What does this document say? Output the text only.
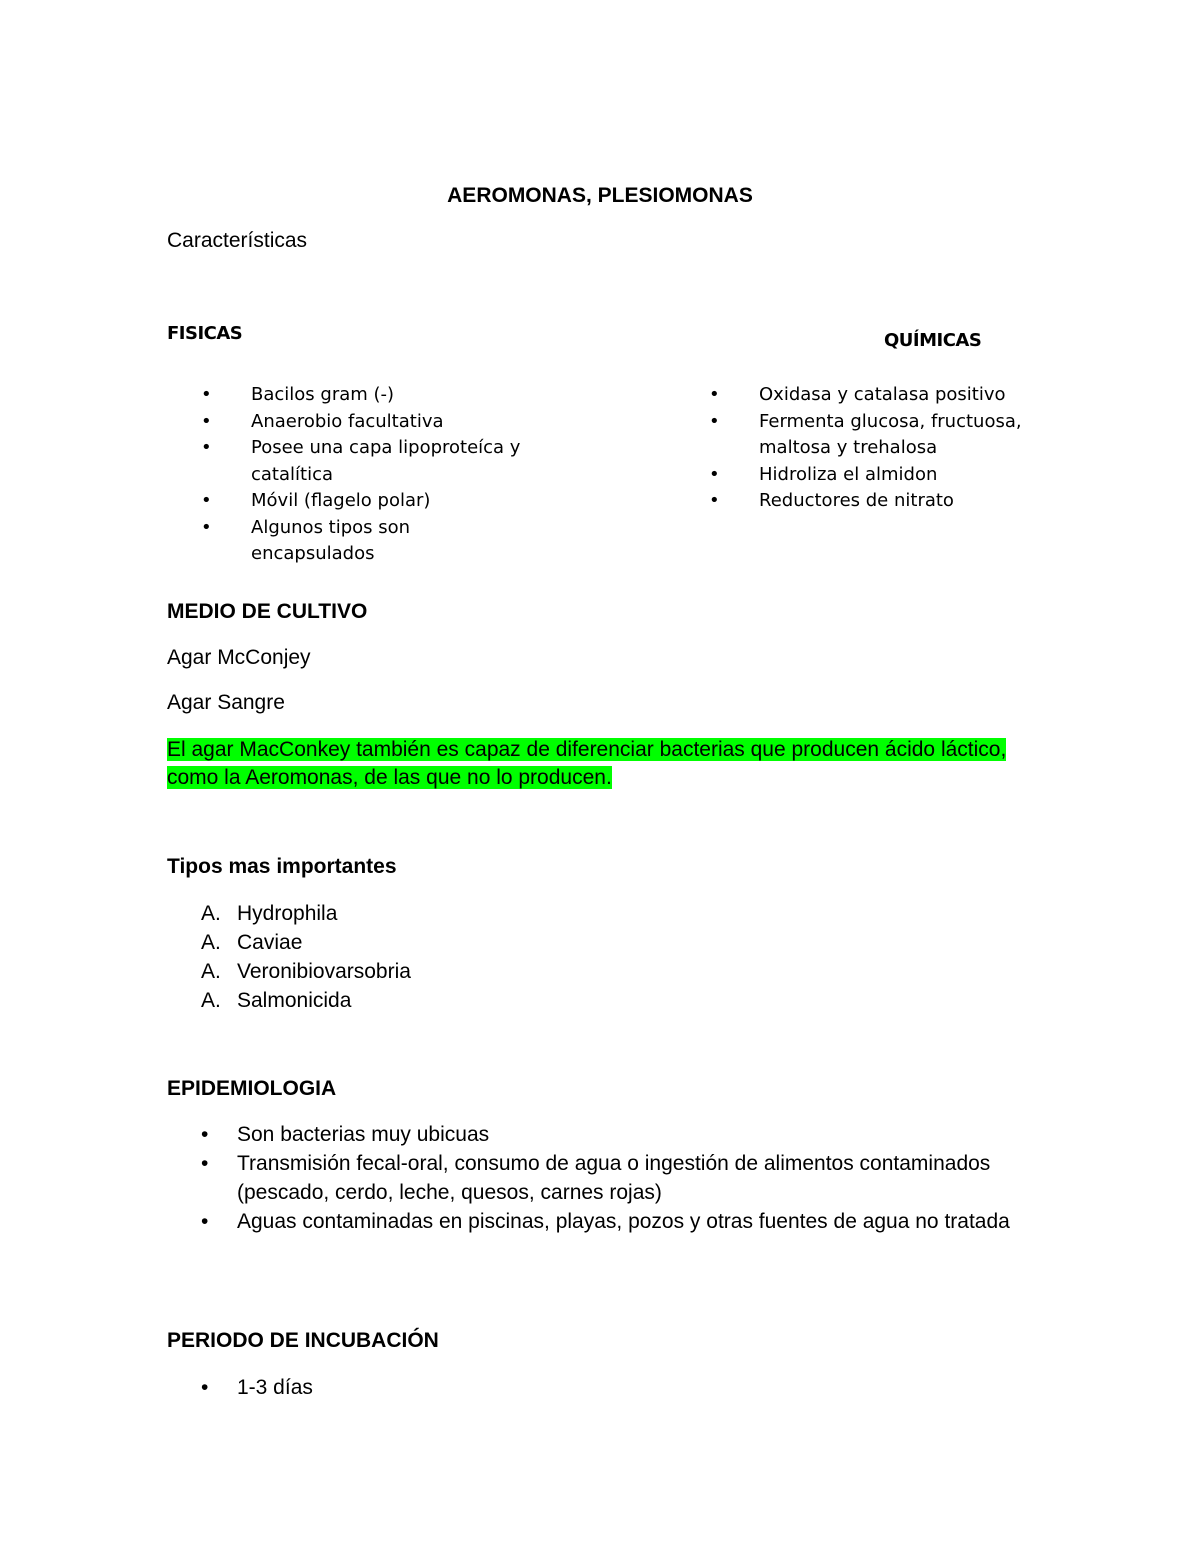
AEROMONAS, PLESIOMONAS
Características
FISICAS	QUÍMICAS
• Bacilos gram (-)
• Anaerobio facultativa
• Posee una capa lipoproteíca y catalítica
• Móvil (flagelo polar)
• Algunos tipos son encapsulados
• Oxidasa y catalasa positivo
• Fermenta glucosa, fructuosa, maltosa y trehalosa
• Hidroliza el almidon
• Reductores de nitrato
MEDIO DE CULTIVO
Agar McConjey
Agar Sangre
El agar MacConkey también es capaz de diferenciar bacterias que producen ácido láctico, como la Aeromonas, de las que no lo producen.
Tipos mas importantes
A. Hydrophila
A. Caviae
A. Veronibiovarsobria
A. Salmonicida
EPIDEMIOLOGIA
• Son bacterias muy ubicuas
• Transmisión fecal-oral, consumo de agua o ingestión de alimentos contaminados (pescado, cerdo, leche, quesos, carnes rojas)
• Aguas contaminadas en piscinas, playas, pozos y otras fuentes de agua no tratada
PERIODO DE INCUBACIÓN
• 1-3 días
